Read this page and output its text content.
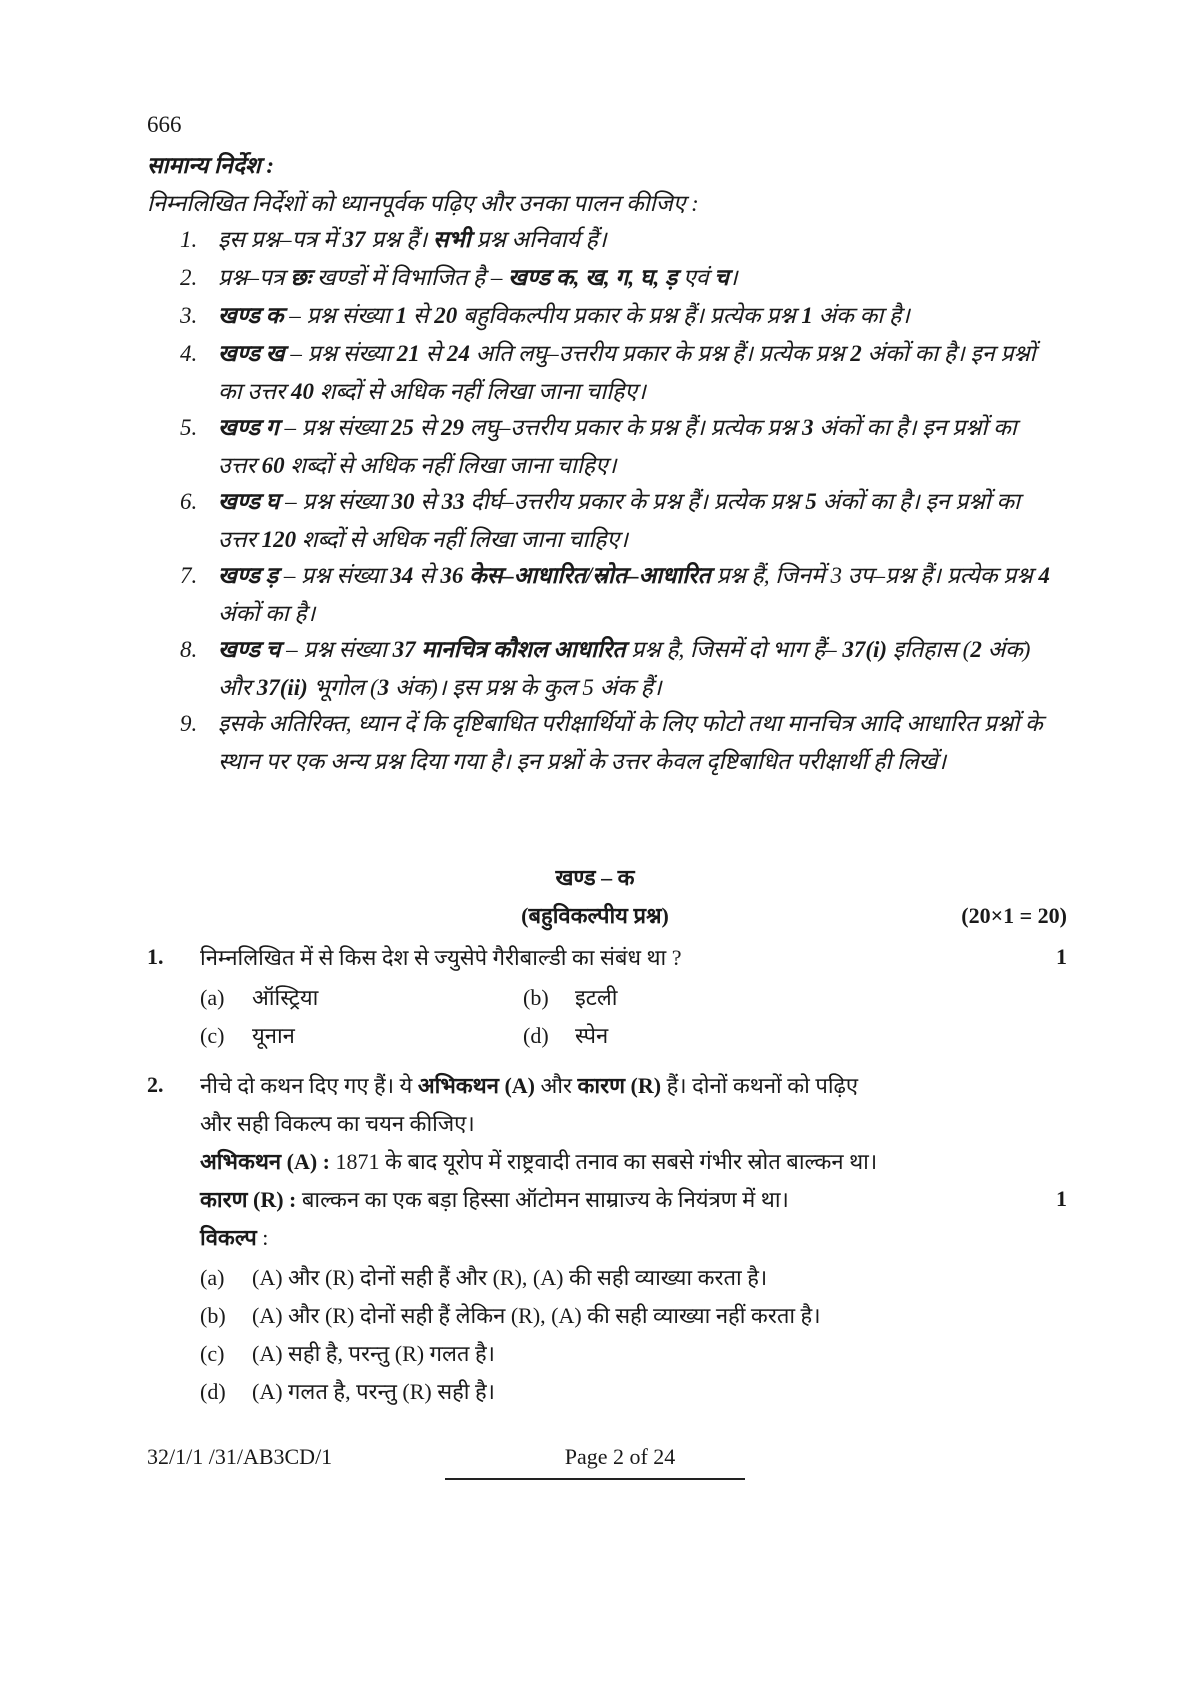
666
सामान्य निर्देश :
निम्नलिखित निर्देशों को ध्यानपूर्वक पढ़िए और उनका पालन कीजिए :
1. इस प्रश्न–पत्र में 37 प्रश्न हैं। सभी प्रश्न अनिवार्य हैं।
2. प्रश्न–पत्र छः खण्डों में विभाजित है – खण्ड क, ख, ग, घ, ड़ एवं च।
3. खण्ड क – प्रश्न संख्या 1 से 20 बहुविकल्पीय प्रकार के प्रश्न हैं। प्रत्येक प्रश्न 1 अंक का है।
4. खण्ड ख – प्रश्न संख्या 21 से 24 अति लघु–उत्तरीय प्रकार के प्रश्न हैं। प्रत्येक प्रश्न 2 अंकों का है। इन प्रश्नों का उत्तर 40 शब्दों से अधिक नहीं लिखा जाना चाहिए।
5. खण्ड ग – प्रश्न संख्या 25 से 29 लघु–उत्तरीय प्रकार के प्रश्न हैं। प्रत्येक प्रश्न 3 अंकों का है। इन प्रश्नों का उत्तर 60 शब्दों से अधिक नहीं लिखा जाना चाहिए।
6. खण्ड घ – प्रश्न संख्या 30 से 33 दीर्घ–उत्तरीय प्रकार के प्रश्न हैं। प्रत्येक प्रश्न 5 अंकों का है। इन प्रश्नों का उत्तर 120 शब्दों से अधिक नहीं लिखा जाना चाहिए।
7. खण्ड ड़ – प्रश्न संख्या 34 से 36 केस–आधारित/स्रोत–आधारित प्रश्न हैं, जिनमें 3 उप–प्रश्न हैं। प्रत्येक प्रश्न 4 अंकों का है।
8. खण्ड च – प्रश्न संख्या 37 मानचित्र कौशल आधारित प्रश्न है, जिसमें दो भाग हैं– 37(i) इतिहास (2 अंक) और 37(ii) भूगोल (3 अंक)। इस प्रश्न के कुल 5 अंक हैं।
9. इसके अतिरिक्त, ध्यान दें कि दृष्टिबाधित परीक्षार्थियों के लिए फोटो तथा मानचित्र आदि आधारित प्रश्नों के स्थान पर एक अन्य प्रश्न दिया गया है। इन प्रश्नों के उत्तर केवल दृष्टिबाधित परीक्षार्थी ही लिखें।
खण्ड – क
(बहुविकल्पीय प्रश्न)	(20×1 = 20)
1. निम्नलिखित में से किस देश से ज्युसेपे गैरीबाल्डी का संबंध था ?	1
(a) ऑस्ट्रिया	(b) इटली
(c) यूनान	(d) स्पेन
2. नीचे दो कथन दिए गए हैं। ये अभिकथन (A) और कारण (R) हैं। दोनों कथनों को पढ़िए
और सही विकल्प का चयन कीजिए।
अभिकथन (A) : 1871 के बाद यूरोप में राष्ट्रवादी तनाव का सबसे गंभीर स्रोत बाल्कन था।
कारण (R) : बाल्कन का एक बड़ा हिस्सा ऑटोमन साम्राज्य के नियंत्रण में था।	1
विकल्प :
(a) (A) और (R) दोनों सही हैं और (R), (A) की सही व्याख्या करता है।
(b) (A) और (R) दोनों सही हैं लेकिन (R), (A) की सही व्याख्या नहीं करता है।
(c) (A) सही है, परन्तु (R) गलत है।
(d) (A) गलत है, परन्तु (R) सही है।
32/1/1 /31/AB3CD/1	Page 2 of 24
